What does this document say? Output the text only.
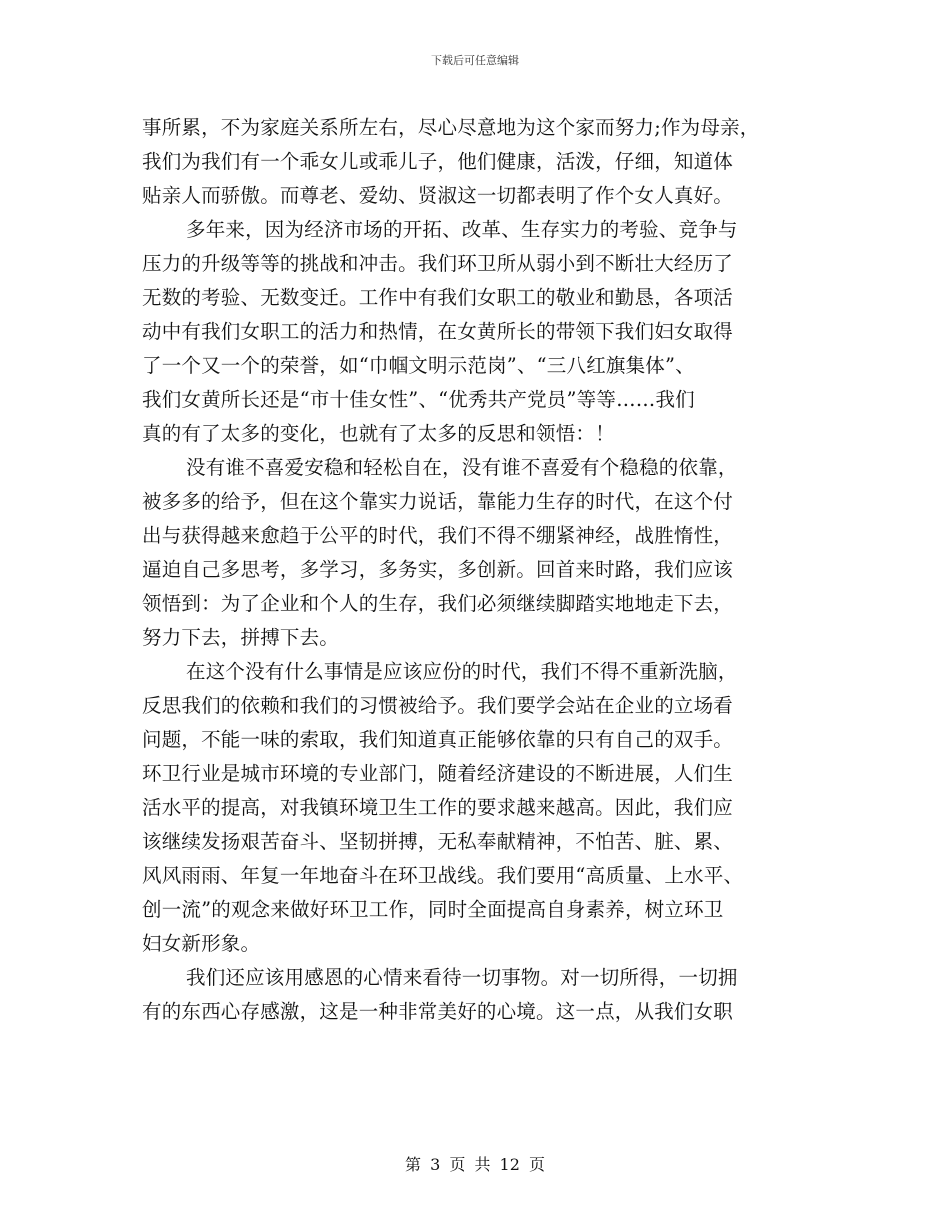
下载后可任意编辑
事所累，不为家庭关系所左右，尽心尽意地为这个家而努力;作为母亲，
我们为我们有一个乖女儿或乖儿子，他们健康，活泼，仔细，知道体
贴亲人而骄傲。而尊老、爱幼、贤淑这一切都表明了作个女人真好。
多年来，因为经济市场的开拓、改革、生存实力的考验、竞争与
压力的升级等等的挑战和冲击。我们环卫所从弱小到不断壮大经历了
无数的考验、无数变迁。工作中有我们女职工的敬业和勤恳，各项活
动中有我们女职工的活力和热情，在女黄所长的带领下我们妇女取得
了一个又一个的荣誉，如“巾帼文明示范岗”、“三八红旗集体”、
我们女黄所长还是“市十佳女性”、“优秀共产党员”等等……我们
真的有了太多的变化，也就有了太多的反思和领悟：！
没有谁不喜爱安稳和轻松自在，没有谁不喜爱有个稳稳的依靠，
被多多的给予，但在这个靠实力说话，靠能力生存的时代，在这个付
出与获得越来愈趋于公平的时代，我们不得不绷紧神经，战胜惰性，
逼迫自己多思考，多学习，多务实，多创新。回首来时路，我们应该
领悟到：为了企业和个人的生存，我们必须继续脚踏实地地走下去，
努力下去，拼搏下去。
在这个没有什么事情是应该应份的时代，我们不得不重新洗脑，
反思我们的依赖和我们的习惯被给予。我们要学会站在企业的立场看
问题，不能一味的索取，我们知道真正能够依靠的只有自己的双手。
环卫行业是城市环境的专业部门，随着经济建设的不断进展，人们生
活水平的提高，对我镇环境卫生工作的要求越来越高。因此，我们应
该继续发扬艰苦奋斗、坚韧拼搏，无私奉献精神，不怕苦、脏、累、
风风雨雨、年复一年地奋斗在环卫战线。我们要用“高质量、上水平、
创一流”的观念来做好环卫工作，同时全面提高自身素养，树立环卫
妇女新形象。
我们还应该用感恩的心情来看待一切事物。对一切所得，一切拥
有的东西心存感激，这是一种非常美好的心境。这一点，从我们女职
第 3 页 共 12 页
